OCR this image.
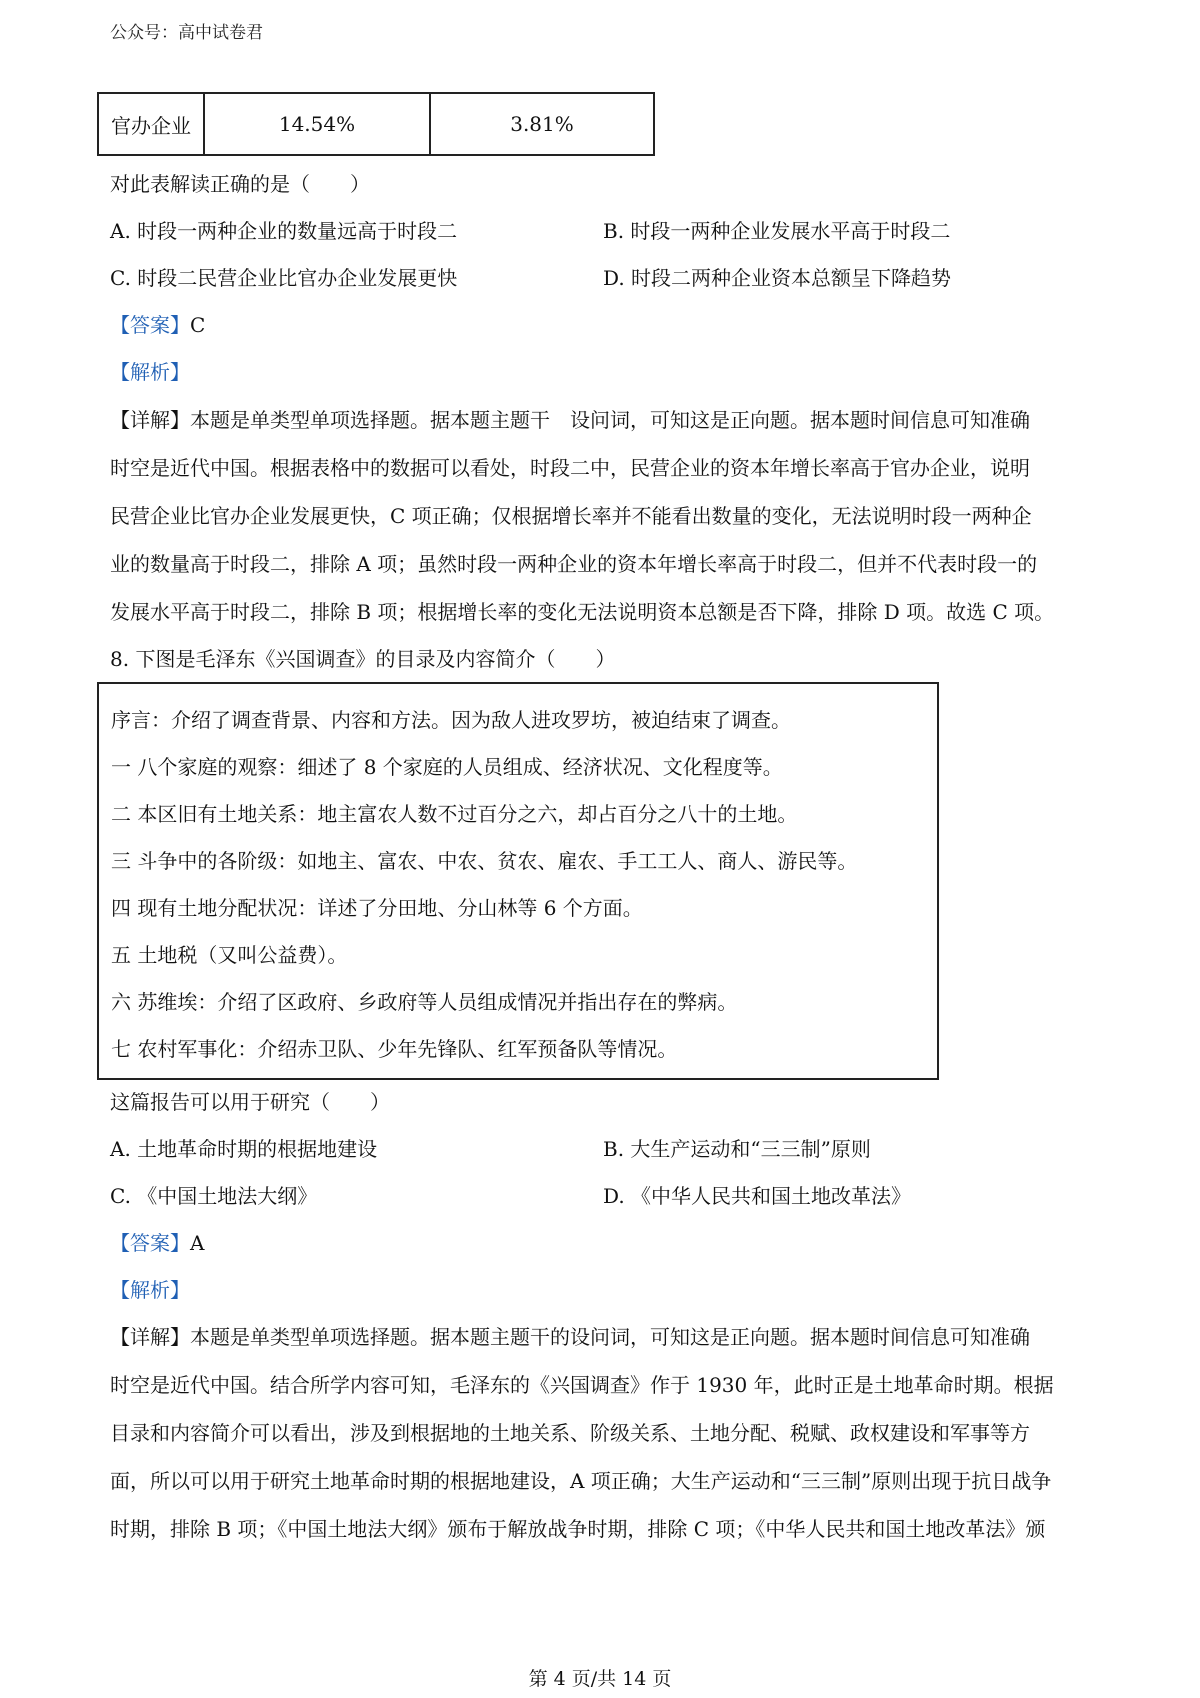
公众号：高中试卷君
官办企业	14.54%	3.81%
对此表解读正确的是（　　）
A. 时段一两种企业的数量远高于时段二	B. 时段一两种企业发展水平高于时段二
C. 时段二民营企业比官办企业发展更快	D. 时段二两种企业资本总额呈下降趋势
【答案】C
【解析】
【详解】本题是单类型单项选择题。据本题主题干　设问词，可知这是正向题。据本题时间信息可知准确
时空是近代中国。根据表格中的数据可以看处，时段二中，民营企业的资本年增长率高于官办企业，说明
民营企业比官办企业发展更快，C 项正确；仅根据增长率并不能看出数量的变化，无法说明时段一两种企
业的数量高于时段二，排除 A 项；虽然时段一两种企业的资本年增长率高于时段二，但并不代表时段一的
发展水平高于时段二，排除 B 项；根据增长率的变化无法说明资本总额是否下降，排除 D 项。故选 C 项。
8. 下图是毛泽东《兴国调查》的目录及内容简介（　　）
序言：介绍了调查背景、内容和方法。因为敌人进攻罗坊，被迫结束了调查。
一 八个家庭的观察：细述了 8 个家庭的人员组成、经济状况、文化程度等。
二 本区旧有土地关系：地主富农人数不过百分之六，却占百分之八十的土地。
三 斗争中的各阶级：如地主、富农、中农、贫农、雇农、手工工人、商人、游民等。
四 现有土地分配状况：详述了分田地、分山林等 6 个方面。
五 土地税（又叫公益费）。
六 苏维埃：介绍了区政府、乡政府等人员组成情况并指出存在的弊病。
七 农村军事化：介绍赤卫队、少年先锋队、红军预备队等情况。
这篇报告可以用于研究（　　）
A. 土地革命时期的根据地建设	B. 大生产运动和“三三制”原则
C. 《中国土地法大纲》	D. 《中华人民共和国土地改革法》
【答案】A
【解析】
【详解】本题是单类型单项选择题。据本题主题干的设问词，可知这是正向题。据本题时间信息可知准确
时空是近代中国。结合所学内容可知，毛泽东的《兴国调查》作于 1930 年，此时正是土地革命时期。根据
目录和内容简介可以看出，涉及到根据地的土地关系、阶级关系、土地分配、税赋、政权建设和军事等方
面，所以可以用于研究土地革命时期的根据地建设，A 项正确；大生产运动和“三三制”原则出现于抗日战争
时期，排除 B 项；《中国土地法大纲》颁布于解放战争时期，排除 C 项；《中华人民共和国土地改革法》颁
第 4 页/共 14 页
